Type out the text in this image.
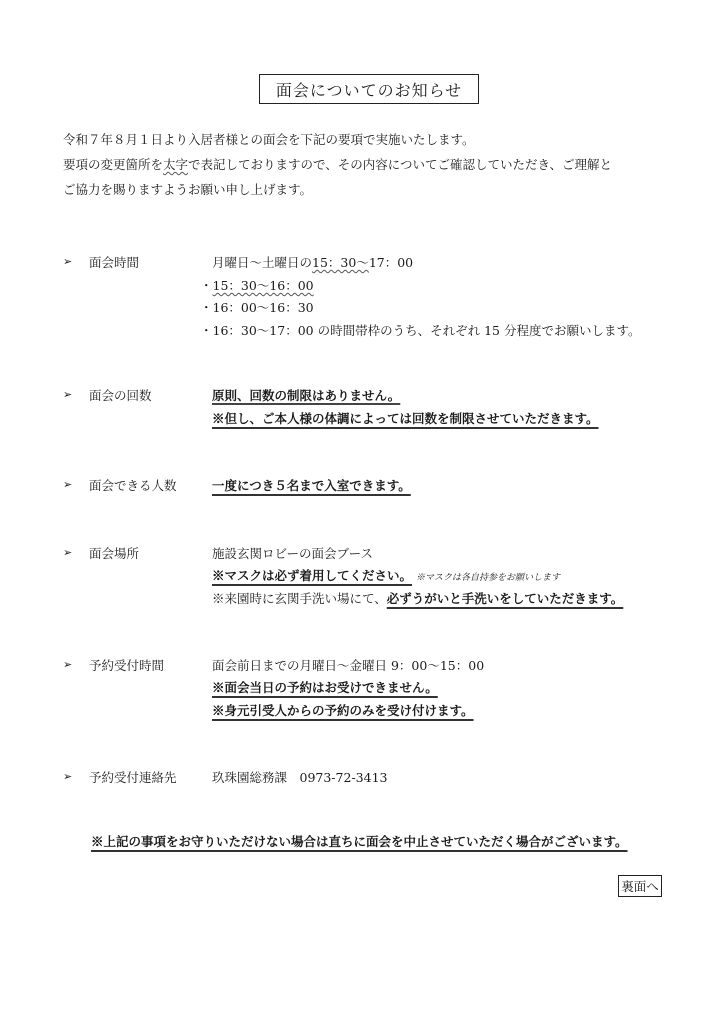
面会についてのお知らせ
令和７年８月１日より入居者様との面会を下記の要項で実施いたします。
要項の変更箇所を太字で表記しておりますので、その内容についてご確認していただき、ご理解と
ご協力を賜りますようお願い申し上げます。
➢ 面会時間	月曜日～土曜日の15：30～17：00
・15：30～16：00
・16：00～16：30
・16：30～17：00 の時間帯枠のうち、それぞれ 15 分程度でお願いします。
➢ 面会の回数	原則、回数の制限はありません。
※但し、ご本人様の体調によっては回数を制限させていただきます。
➢ 面会できる人数	一度につき５名まで入室できます。
➢ 面会場所	施設玄関ロビーの面会ブース
※マスクは必ず着用してください。 ※マスクは各自持参をお願いします
※来園時に玄関手洗い場にて、必ずうがいと手洗いをしていただきます。
➢ 予約受付時間	面会前日までの月曜日～金曜日 9：00～15：00
※面会当日の予約はお受けできません。
※身元引受人からの予約のみを受け付けます。
➢ 予約受付連絡先	玖珠園総務課　0973-72-3413
※上記の事項をお守りいただけない場合は直ちに面会を中止させていただく場合がございます。
裏面へ
